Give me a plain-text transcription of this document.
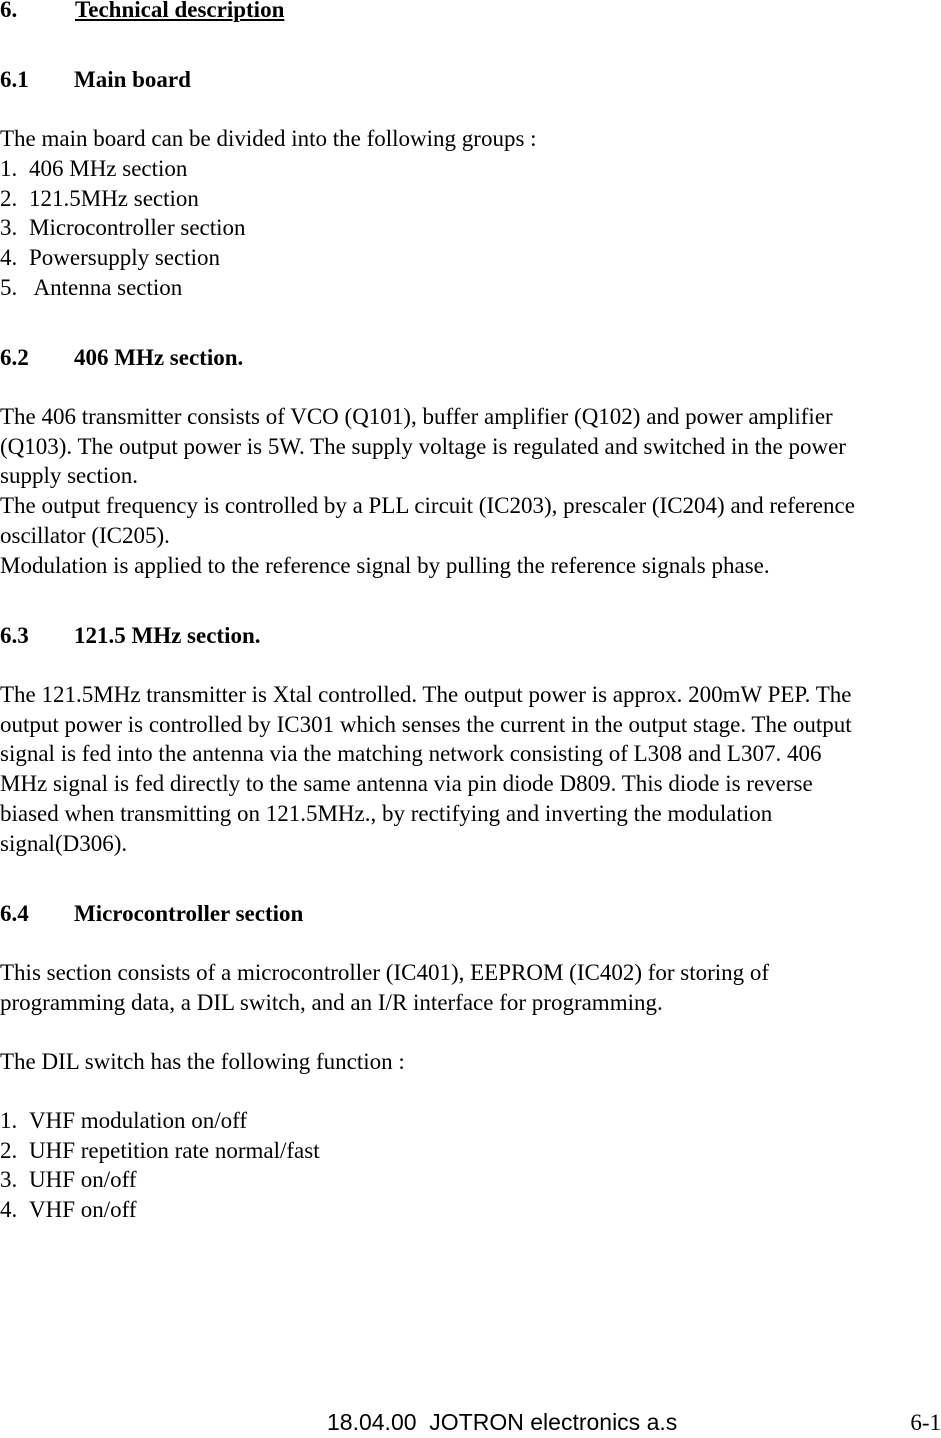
6.	Technical description
6.1 Main board

The main board can be divided into the following groups :

1. 406 MHz section
2. 121.5MHz section
3. Microcontroller section
4. Powersupply section
5. Antenna section
6.2 406 MHz section.
The 406 transmitter consists of VCO (Q101), buffer amplifier (Q102) and power amplifier
(Q103). The output power is 5W. The supply voltage is regulated and switched in the power
supply section.
The output frequency is controlled by a PLL circuit (IC203), prescaler (IC204) and reference
oscillator (IC205).
Modulation is applied to the reference signal by pulling the reference signals phase.
6.3 121.5 MHz section.
The 121.5MHz transmitter is Xtal controlled. The output power is approx. 200mW PEP. The
output power is controlled by IC301 which senses the current in the output stage. The output
signal is fed into the antenna via the matching network consisting of L308 and L307. 406
MHz signal is fed directly to the same antenna via pin diode D809. This diode is reverse
biased when transmitting on 121.5MHz., by rectifying and inverting the modulation
signal(D306).
6.4 Microcontroller section
This section consists of a microcontroller (IC401), EEPROM (IC402) for storing of
programming data, a DIL switch, and an I/R interface for programming.

The DIL switch has the following function :

1. VHF modulation on/off
2. UHF repetition rate normal/fast
3. UHF on/off
4. VHF on/off
18.04.00  JOTRON electronics a.s	6-1
